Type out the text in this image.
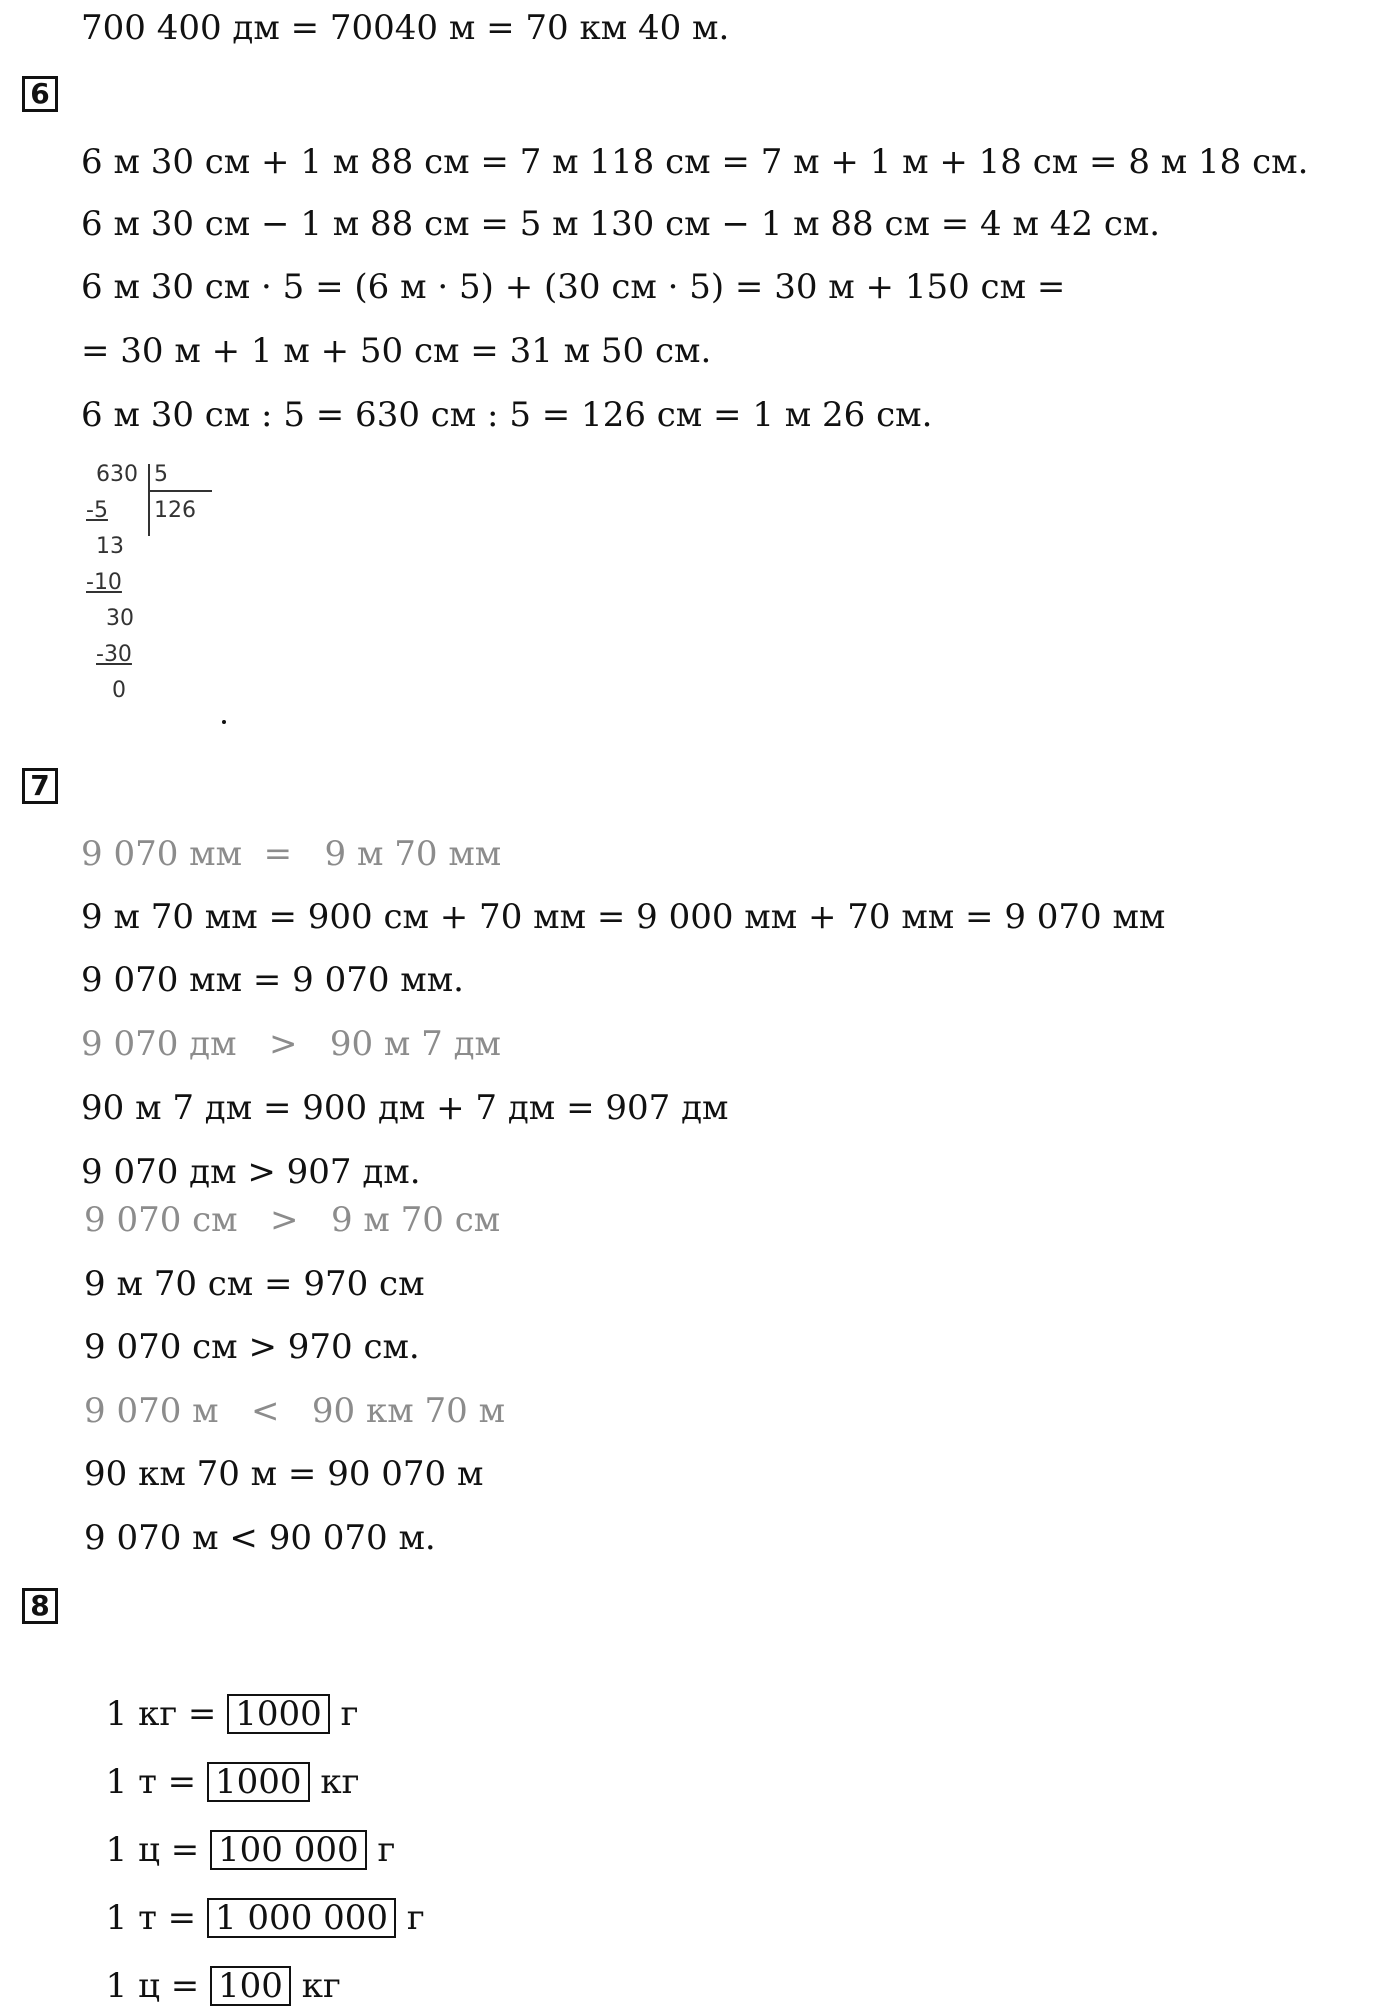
700 400 дм = 70040 м = 70 км 40 м.
6
6 м 30 см + 1 м 88 см = 7 м 118 см = 7 м + 1 м + 18 см = 8 м 18 см.
6 м 30 см − 1 м 88 см = 5 м 130 см − 1 м 88 см = 4 м 42 см.
6 м 30 см · 5 = (6 м · 5) + (30 см · 5) = 30 м + 150 см =
= 30 м + 1 м + 50 см = 31 м 50 см.
6 м 30 см : 5 = 630 см : 5 = 126 см = 1 м 26 см.
630 5
126
-5
13
-10
30
-30
0
7
9 070 мм  =   9 м 70 мм
9 м 70 мм = 900 см + 70 мм = 9 000 мм + 70 мм = 9 070 мм
9 070 мм = 9 070 мм.
9 070 дм   >   90 м 7 дм
90 м 7 дм = 900 дм + 7 дм = 907 дм
9 070 дм > 907 дм.
9 070 см   >   9 м 70 см
9 м 70 см = 970 см
9 070 см > 970 см.
9 070 м   <   90 км 70 м
90 км 70 м = 90 070 м
9 070 м < 90 070 м.
8

1 кг = 1000 г

1 т = 1000 кг

1 ц = 100 000 г

1 т = 1 000 000 г

1 ц = 100 кг
